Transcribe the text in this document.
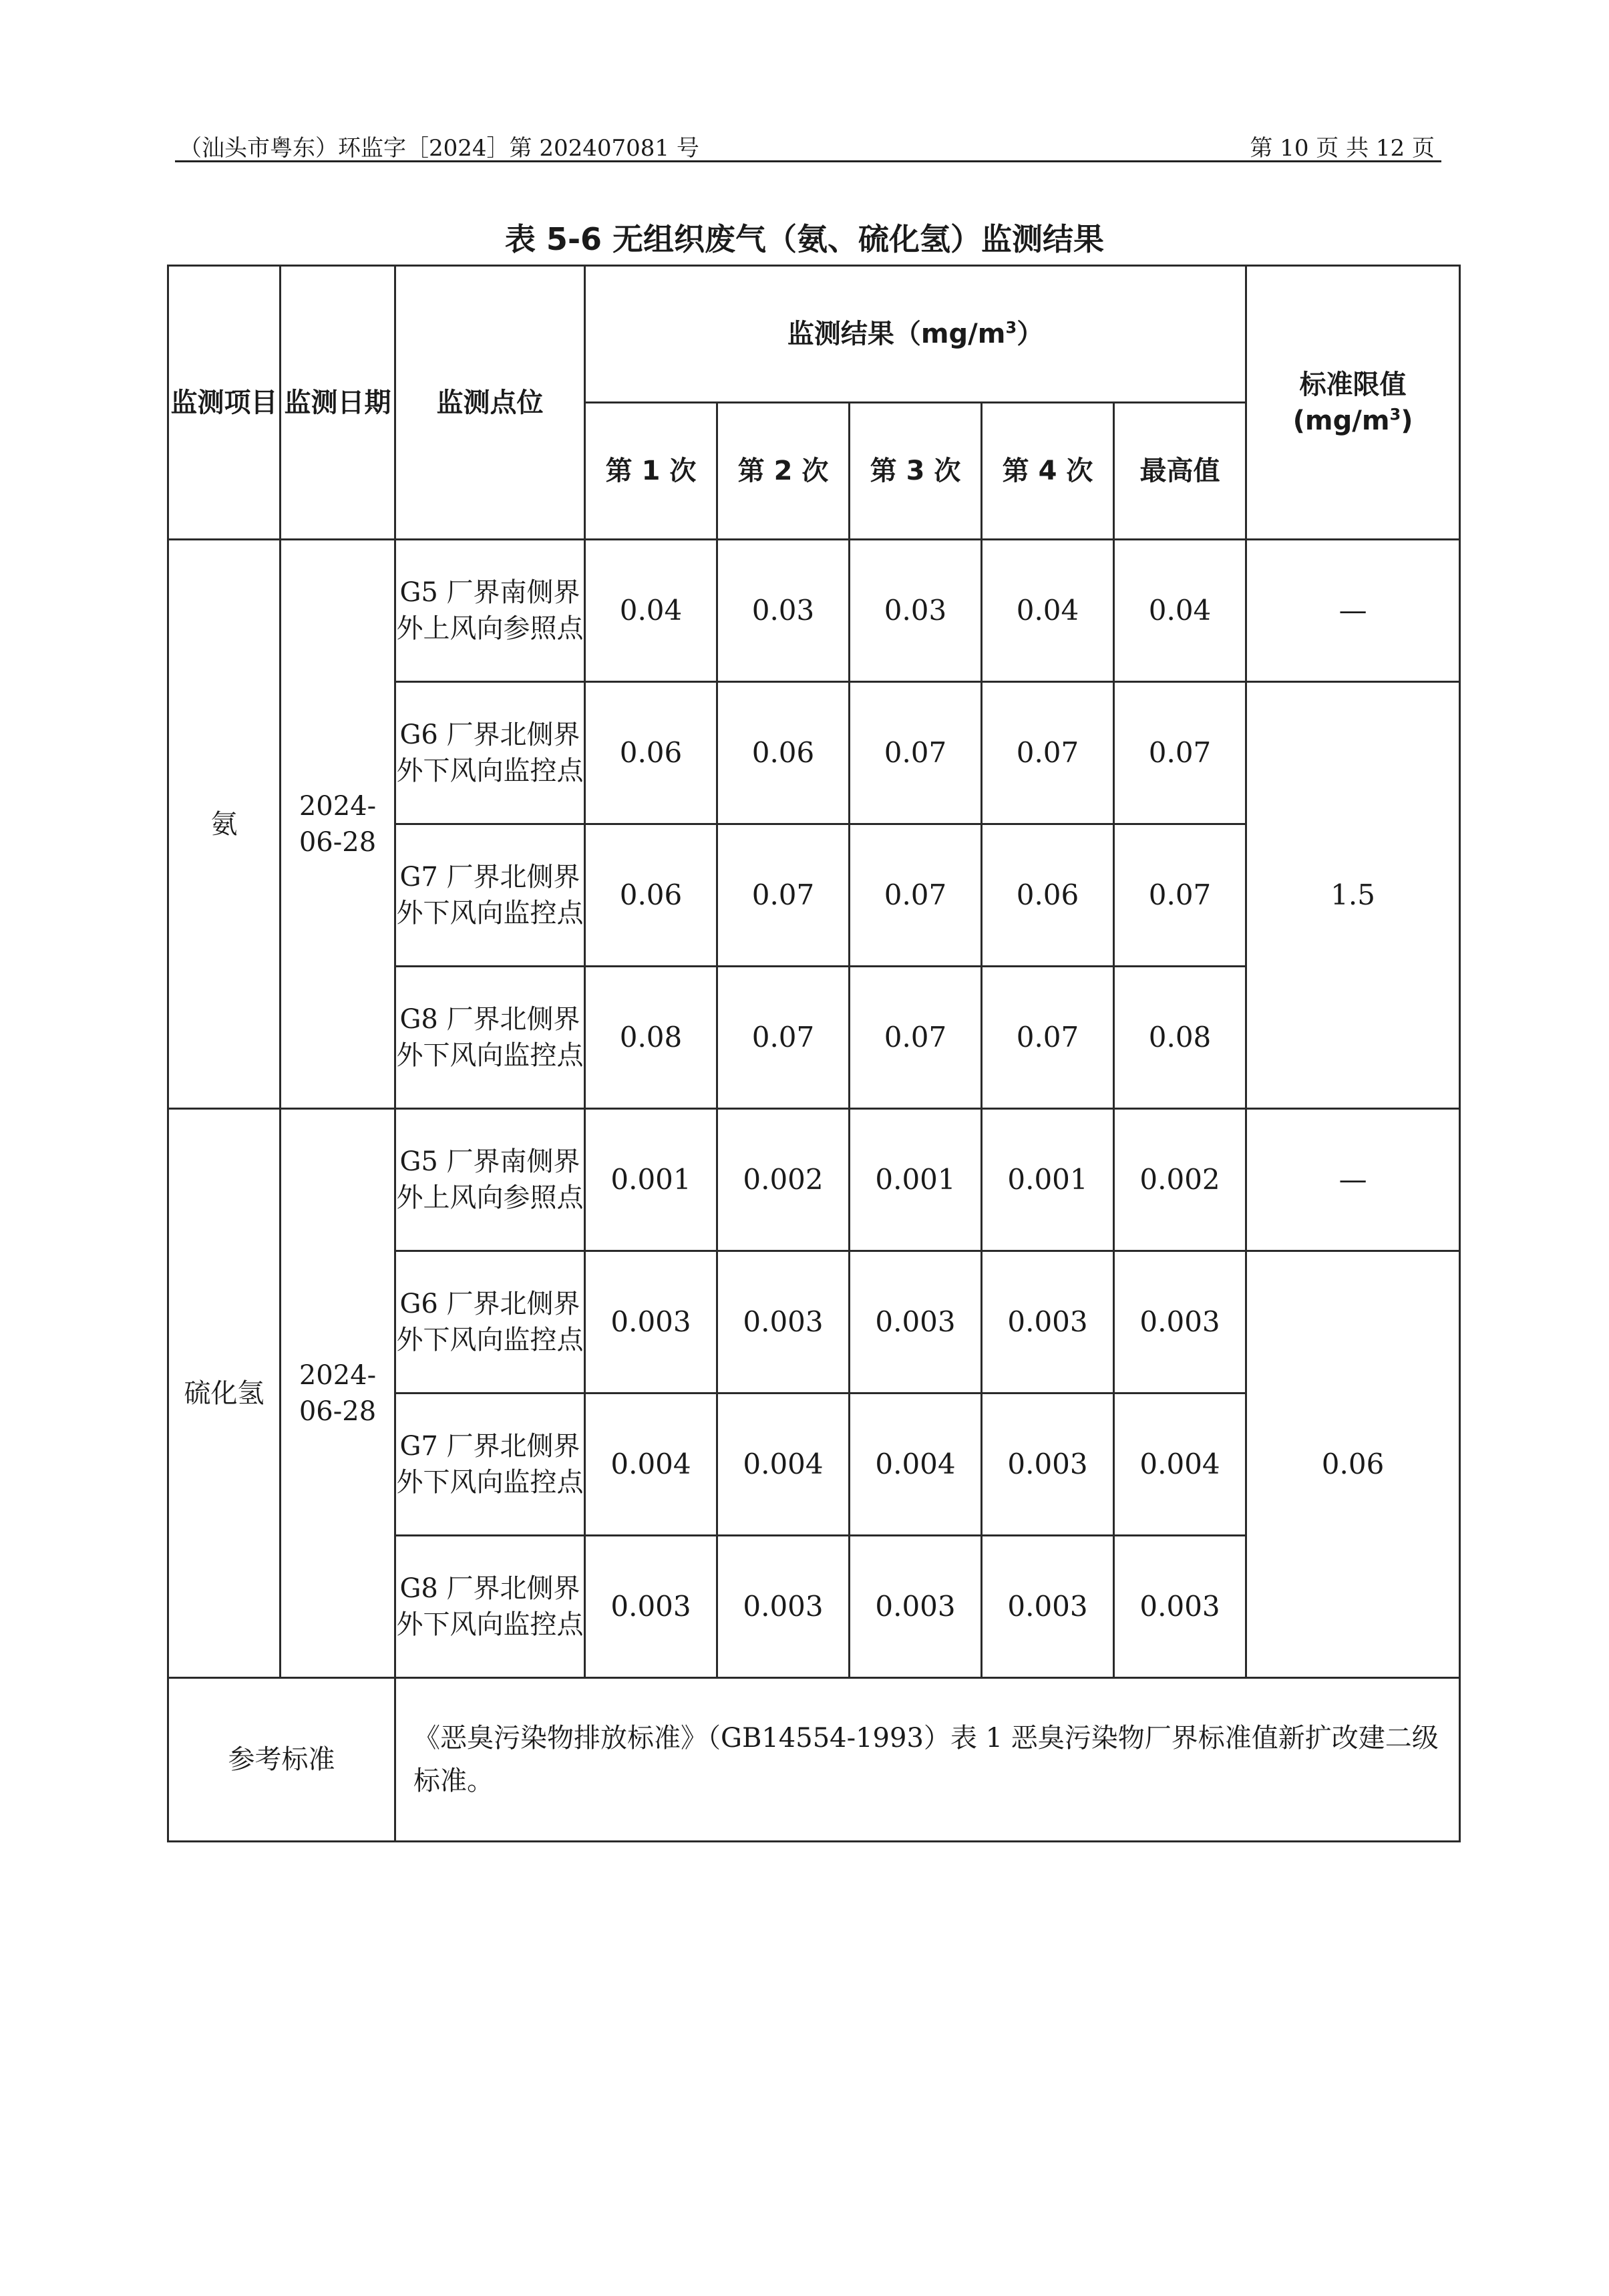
（汕头市粤东）环监字［2024］第 202407081 号	第 10 页 共 12 页
表 5-6 无组织废气（氨、硫化氢）监测结果
监测项目	监测日期	监测点位	监测结果$(mg/m^3)$					标准限值
$(mg/m^3)$

			第 1 次	第 2 次	第 3 次	第 4 次	最高值	
氨	2024-06-28	G5 厂界南侧界外上风向参照点	0.04	0.03	0.03	0.04	0.04	—
		G6 厂界北侧界外下风向监控点	0.06	0.06	0.07	0.07	0.07	1.5
		G7 厂界北侧界外下风向监控点	0.06	0.07	0.07	0.06	0.07	
		G8 厂界北侧界外下风向监控点	0.08	0.07	0.07	0.07	0.08	
硫化氢	2024-06-28	G5 厂界南侧界外上风向参照点	0.001	0.002	0.001	0.001	0.002	—
		G6 厂界北侧界外下风向监控点	0.003	0.003	0.003	0.003	0.003	0.06
		G7 厂界北侧界外下风向监控点	0.004	0.004	0.004	0.003	0.004	
		G8 厂界北侧界外下风向监控点	0.003	0.003	0.003	0.003	0.003	
参考标准		《恶臭污染物排放标准》（GB14554-1993）表 1 恶臭污染物厂界标准值新扩改建二级标准。						
